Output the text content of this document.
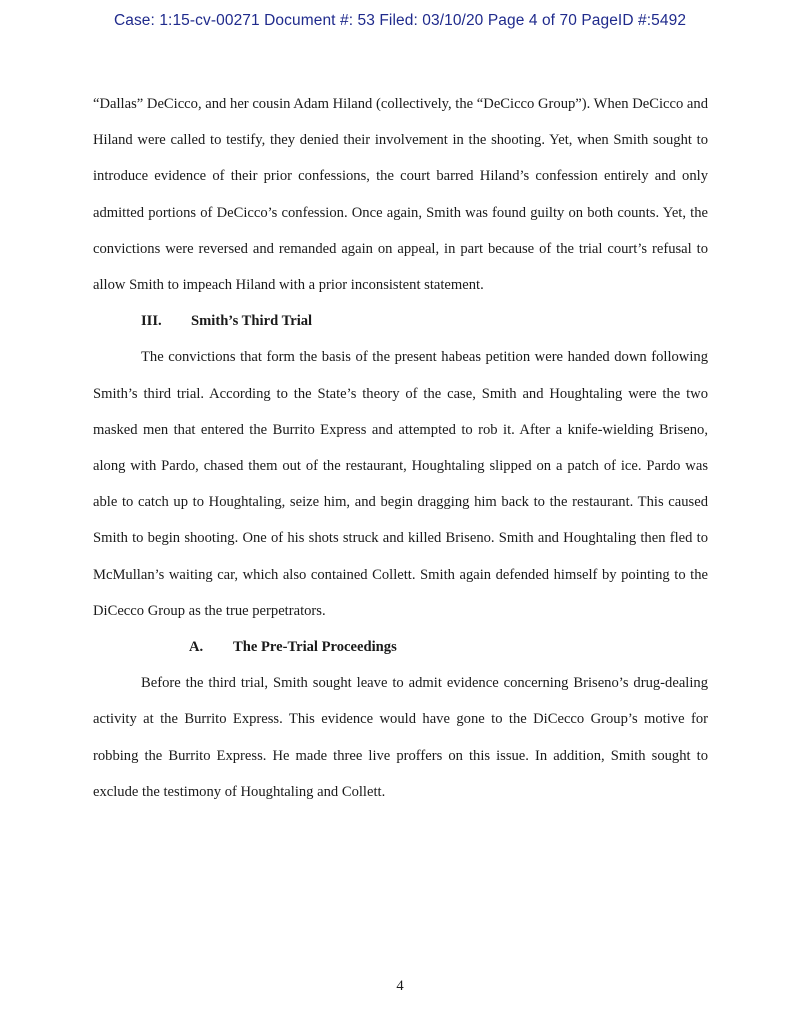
Case: 1:15-cv-00271 Document #: 53 Filed: 03/10/20 Page 4 of 70 PageID #:5492

“Dallas” DeCicco, and her cousin Adam Hiland (collectively, the “DeCicco Group”). When DeCicco and Hiland were called to testify, they denied their involvement in the shooting. Yet, when Smith sought to introduce evidence of their prior confessions, the court barred Hiland’s confession entirely and only admitted portions of DeCicco’s confession. Once again, Smith was found guilty on both counts. Yet, the convictions were reversed and remanded again on appeal, in part because of the trial court’s refusal to allow Smith to impeach Hiland with a prior inconsistent statement.

III. Smith’s Third Trial

The convictions that form the basis of the present habeas petition were handed down following Smith’s third trial. According to the State’s theory of the case, Smith and Houghtaling were the two masked men that entered the Burrito Express and attempted to rob it. After a knife-wielding Briseno, along with Pardo, chased them out of the restaurant, Houghtaling slipped on a patch of ice. Pardo was able to catch up to Houghtaling, seize him, and begin dragging him back to the restaurant. This caused Smith to begin shooting. One of his shots struck and killed Briseno. Smith and Houghtaling then fled to McMullan’s waiting car, which also contained Collett. Smith again defended himself by pointing to the DiCecco Group as the true perpetrators.

A. The Pre-Trial Proceedings

Before the third trial, Smith sought leave to admit evidence concerning Briseno’s drug-dealing activity at the Burrito Express. This evidence would have gone to the DiCecco Group’s motive for robbing the Burrito Express. He made three live proffers on this issue. In addition, Smith sought to exclude the testimony of Houghtaling and Collett.

4
